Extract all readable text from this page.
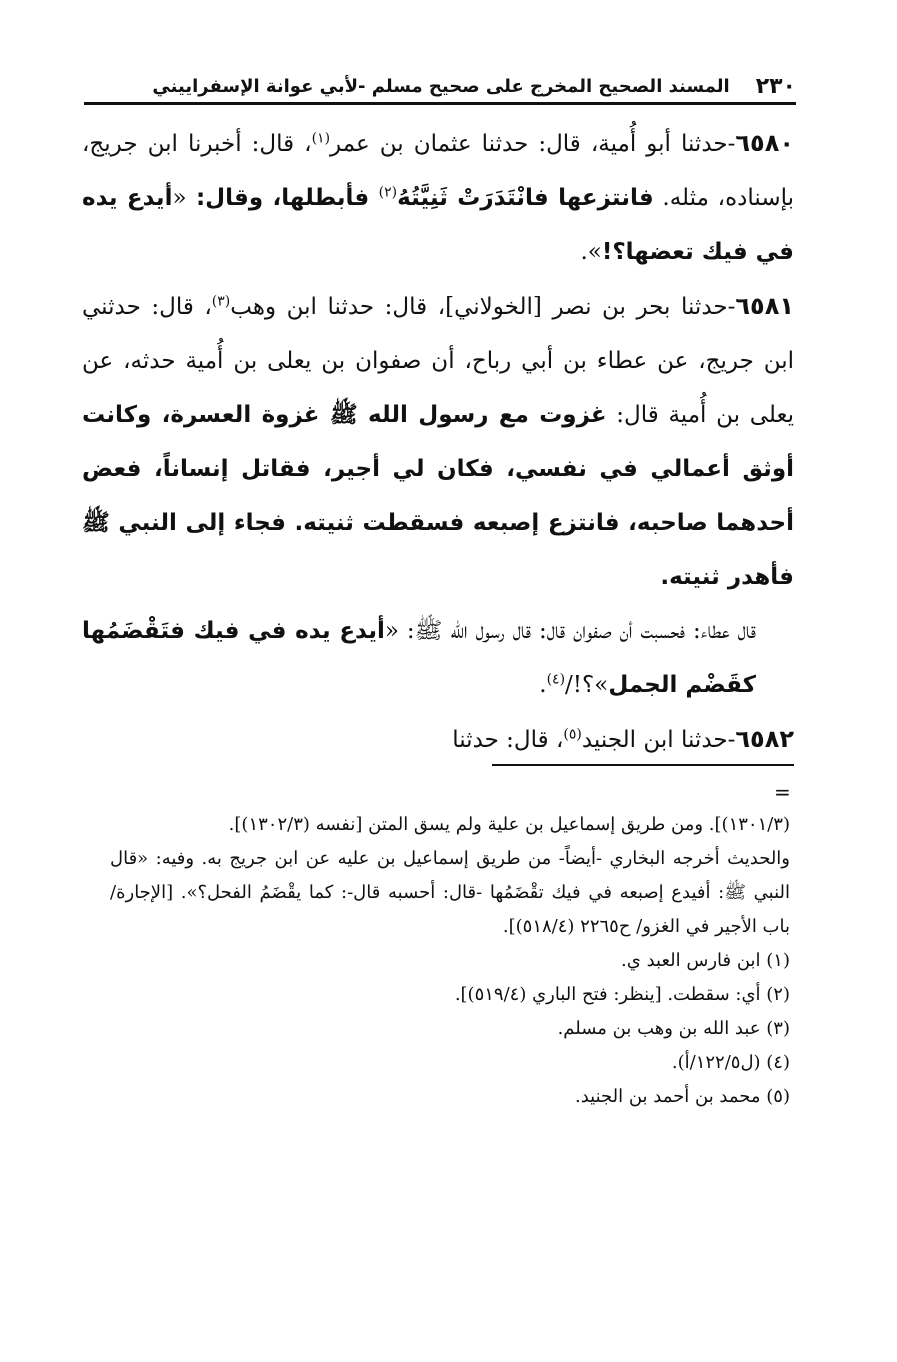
٢٣٠
المسند الصحيح المخرج على صحيح مسلم -لأبي عوانة الإسفراييني

٦٥٨٠-حدثنا أبو أُمية، قال: حدثنا عثمان بن عمر$^{(١)}$، قال: أخبرنا ابن جريج، بإسناده، مثله. فانتزعها فانْتَدَرَتْ ثَنِيَّتُهُ$^{(٢)}$ فأبطلها، وقال: «أيدع يده في فيك تعضها؟!».

٦٥٨١-حدثنا بحر بن نصر [الخولاني]، قال: حدثنا ابن وهب$^{(٣)}$، قال: حدثني ابن جريج، عن عطاء بن أبي رباح، أن صفوان بن يعلى بن أُمية حدثه، عن يعلى بن أُمية قال: غزوت مع رسول الله ﷺ غزوة العسرة، وكانت أوثق أعمالي في نفسي، فكان لي أجير، فقاتل إنساناً، فعض أحدهما صاحبه، فانتزع إصبعه فسقطت ثنيته. فجاء إلى النبي ﷺ فأهدر ثنيته.

قال عطاء: فحسبت أن صفوان قال: قال رسول الله ﷺ: «أيدع يده في فيك فتَقْضَمُها كقَضْم الجمل»؟!/$^{(٤)}$.

٦٥٨٢-حدثنا ابن الجنيد$^{(٥)}$، قال: حدثنا

=

(١٣٠١/٣)]. ومن طريق إسماعيل بن علية ولم يسق المتن [نفسه (١٣٠٢/٣)].

والحديث أخرجه البخاري -أيضاً- من طريق إسماعيل بن عليه عن ابن جريج به. وفيه: «قال النبي ﷺ: أفيدع إصبعه في فيك تقْضَمُها -قال: أحسبه قال-: كما يقْضَمُ الفحل؟». [الإجارة/ باب الأجير في الغزو/ ح٢٢٦٥ (٥١٨/٤)].

(١) ابن فارس العبد ي.

(٢) أي: سقطت. [ينظر: فتح الباري (٥١٩/٤)].

(٣) عبد الله بن وهب بن مسلم.

(٤) (ل١٢٢/٥/أ).

(٥) محمد بن أحمد بن الجنيد.
